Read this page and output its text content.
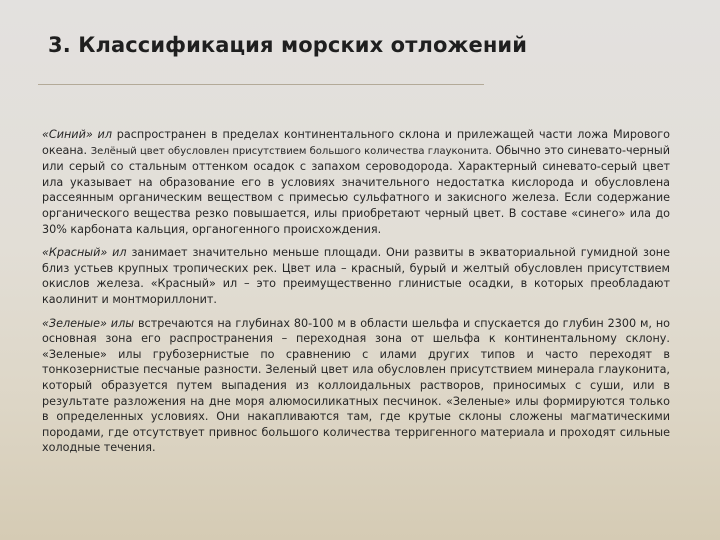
3. Классификация морских отложений

«Синий» ил распространен в пределах континентального склона и прилежащей части ложа Мирового океана. Зелёный цвет обусловлен присутствием большого количества глауконита. Обычно это синевато-черный или серый со стальным оттенком осадок с запахом сероводорода. Характерный синевато-серый цвет ила указывает на образование его в условиях значительного недостатка кислорода и обусловлена рассеянным органическим веществом с примесью сульфатного и закисного железа. Если содержание органического вещества резко повышается, илы приобретают черный цвет. В составе «синего» ила до 30% карбоната кальция, органогенного происхождения.

«Красный» ил занимает значительно меньше площади. Они развиты в экваториальной гумидной зоне близ устьев крупных тропических рек. Цвет ила – красный, бурый и желтый обусловлен присутствием окислов железа. «Красный» ил – это преимущественно глинистые осадки, в которых преобладают каолинит и монтмориллонит.

«Зеленые» илы встречаются на глубинах 80-100 м в области шельфа и спускается до глубин 2300 м, но основная зона его распространения – переходная зона от шельфа к континентальному склону. «Зеленые» илы грубозернистые по сравнению с илами других типов и часто переходят в тонкозернистые песчаные разности. Зеленый цвет ила обусловлен присутствием минерала глауконита, который образуется путем выпадения из коллоидальных растворов, приносимых с суши, или в результате разложения на дне моря алюмосиликатных песчинок. «Зеленые» илы формируются только в определенных условиях. Они накапливаются там, где крутые склоны сложены магматическими породами, где отсутствует привнос большого количества терригенного материала и проходят сильные холодные течения.
